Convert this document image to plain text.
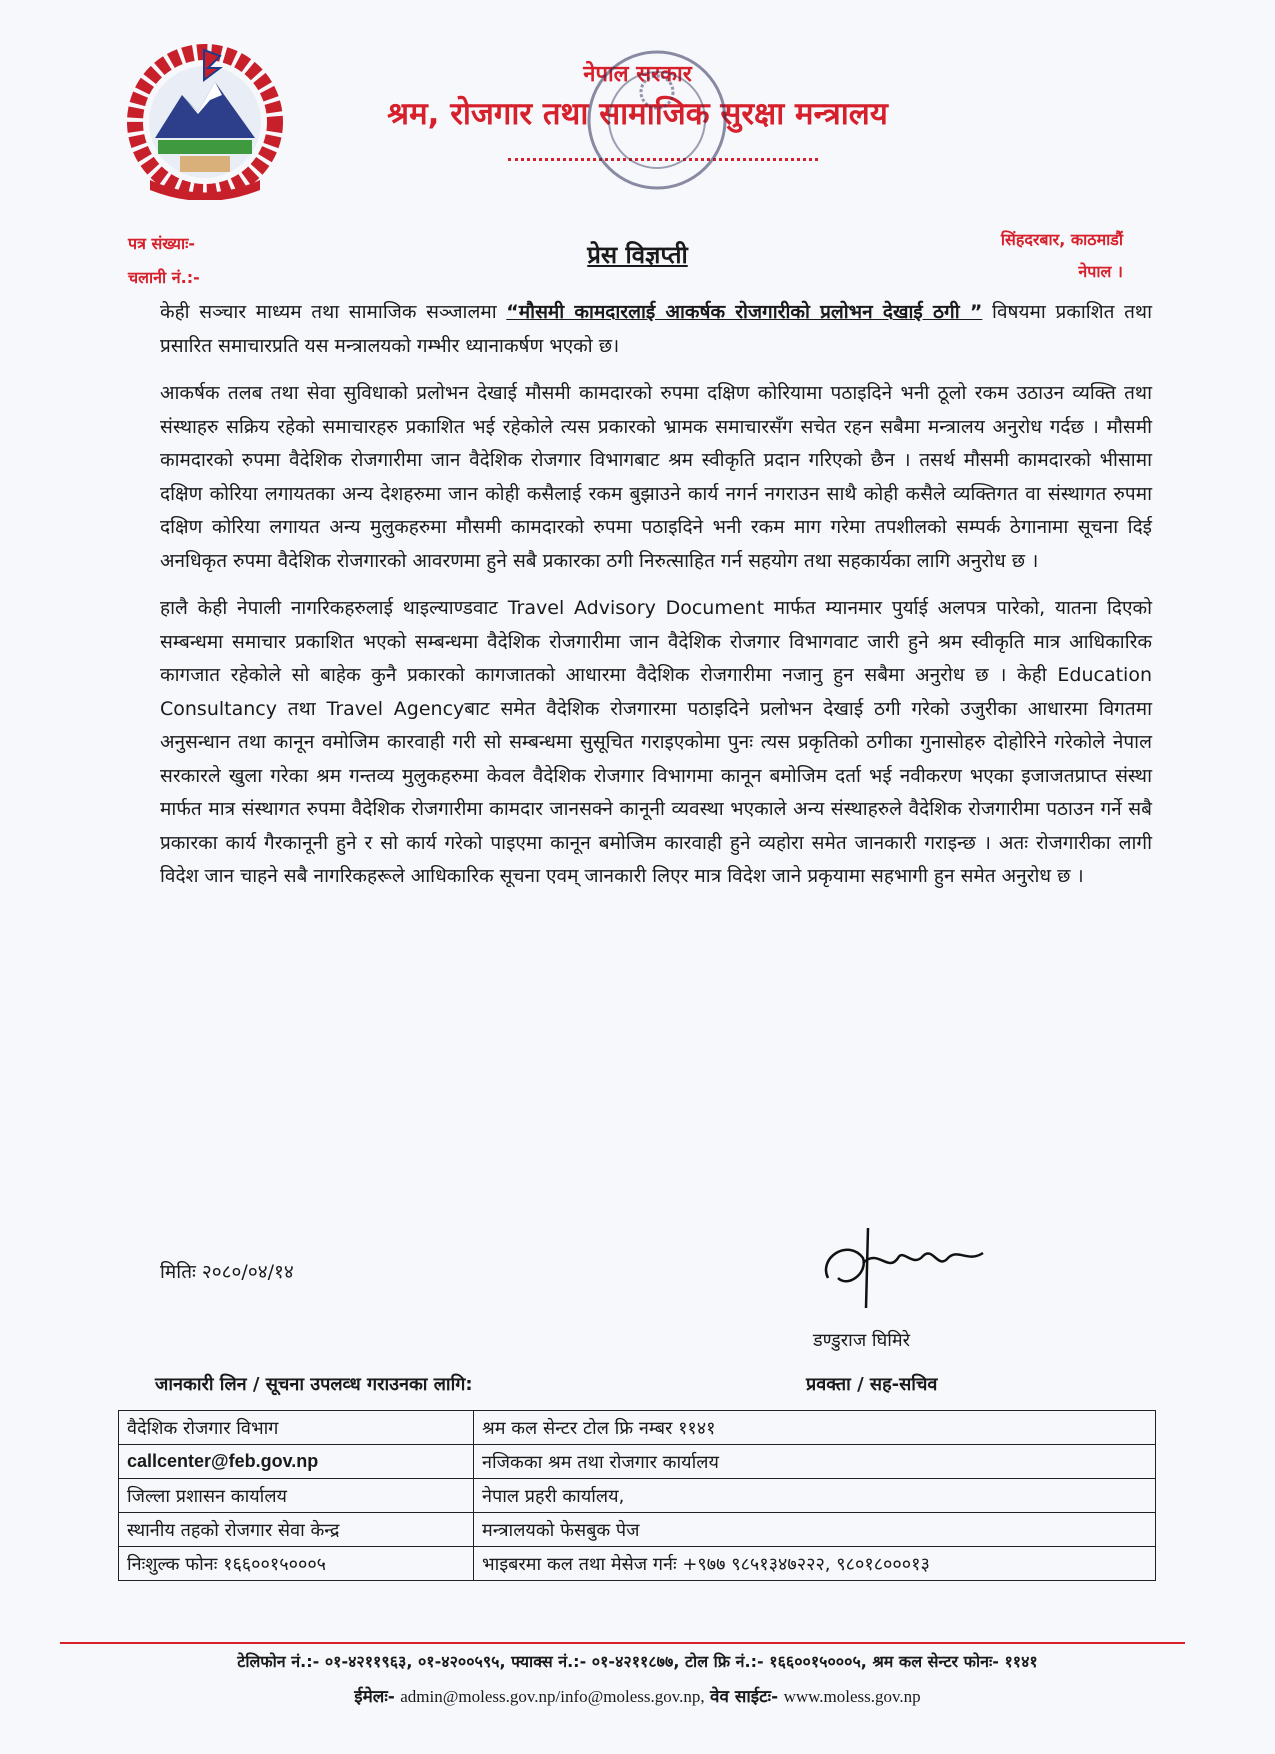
नेपाल सरकार
श्रम, रोजगार तथा सामाजिक सुरक्षा मन्त्रालय
पत्र संख्याः-
चलानी नं.:-
सिंहदरबार, काठमाडौं
नेपाल ।
प्रेस विज्ञप्ती

केही सञ्चार माध्यम तथा सामाजिक सञ्जालमा “मौसमी कामदारलाई आकर्षक रोजगारीको प्रलोभन देखाई ठगी ” विषयमा प्रकाशित तथा प्रसारित समाचारप्रति यस मन्त्रालयको गम्भीर ध्यानाकर्षण भएको छ।

आकर्षक तलब तथा सेवा सुविधाको प्रलोभन देखाई मौसमी कामदारको रुपमा दक्षिण कोरियामा पठाइदिने भनी ठूलो रकम उठाउन व्यक्ति तथा संस्थाहरु सक्रिय रहेको समाचारहरु प्रकाशित भई रहेकोले त्यस प्रकारको भ्रामक समाचारसँग सचेत रहन सबैमा मन्त्रालय अनुरोध गर्दछ । मौसमी कामदारको रुपमा वैदेशिक रोजगारीमा जान वैदेशिक रोजगार विभागबाट श्रम स्वीकृति प्रदान गरिएको छैन । तसर्थ मौसमी कामदारको भीसामा दक्षिण कोरिया लगायतका अन्य देशहरुमा जान कोही कसैलाई रकम बुझाउने कार्य नगर्न नगराउन साथै कोही कसैले व्यक्तिगत वा संस्थागत रुपमा दक्षिण कोरिया लगायत अन्य मुलुकहरुमा मौसमी कामदारको रुपमा पठाइदिने भनी रकम माग गरेमा तपशीलको सम्पर्क ठेगानामा सूचना दिई अनधिकृत रुपमा वैदेशिक रोजगारको आवरणमा हुने सबै प्रकारका ठगी निरुत्साहित गर्न सहयोग तथा सहकार्यका लागि अनुरोध छ ।

हालै केही नेपाली नागरिकहरुलाई थाइल्याण्डवाट Travel Advisory Document मार्फत म्यानमार पुर्याई अलपत्र पारेको, यातना दिएको सम्बन्धमा समाचार प्रकाशित भएको सम्बन्धमा वैदेशिक रोजगारीमा जान वैदेशिक रोजगार विभागवाट जारी हुने श्रम स्वीकृति मात्र आधिकारिक कागजात रहेकोले सो बाहेक कुनै प्रकारको कागजातको आधारमा वैदेशिक रोजगारीमा नजानु हुन सबैमा अनुरोध छ । केही Education Consultancy तथा Travel Agencyबाट समेत वैदेशिक रोजगारमा पठाइदिने प्रलोभन देखाई ठगी गरेको उजुरीका आधारमा विगतमा अनुसन्धान तथा कानून वमोजिम कारवाही गरी सो सम्बन्धमा सुसूचित गराइएकोमा पुनः त्यस प्रकृतिको ठगीका गुनासोहरु दोहोरिने गरेकोले नेपाल सरकारले खुला गरेका श्रम गन्तव्य मुलुकहरुमा केवल वैदेशिक रोजगार विभागमा कानून बमोजिम दर्ता भई नवीकरण भएका इजाजतप्राप्त संस्था मार्फत मात्र संस्थागत रुपमा वैदेशिक रोजगारीमा कामदार जानसक्ने कानूनी व्यवस्था भएकाले अन्य संस्थाहरुले वैदेशिक रोजगारीमा पठाउन गर्ने सबै प्रकारका कार्य गैरकानूनी हुने र सो कार्य गरेको पाइएमा कानून बमोजिम कारवाही हुने व्यहोरा समेत जानकारी गराइन्छ । अतः रोजगारीका लागी विदेश जान चाहने सबै नागरिकहरूले आधिकारिक सूचना एवम् जानकारी लिएर मात्र विदेश जाने प्रकृयामा सहभागी हुन समेत अनुरोध छ ।

मितिः २०८०/०४/१४
डण्डुराज घिमिरे
प्रवक्ता / सह-सचिव
जानकारी लिन / सूचना उपलव्ध गराउनका लागि:
वैदेशिक रोजगार विभाग	श्रम कल सेन्टर टोल फ्रि नम्बर ११४१
callcenter@feb.gov.np	नजिकका श्रम तथा रोजगार कार्यालय
जिल्ला प्रशासन कार्यालय	नेपाल प्रहरी कार्यालय,
स्थानीय तहको रोजगार सेवा केन्द्र	मन्त्रालयको फेसबुक पेज
निःशुल्क फोनः १६६००१५०००५	भाइबरमा कल तथा मेसेज गर्नः +९७७ ९८५१३४७२२२, ९८०१८०००१३
टेलिफोन नं.:- ०१-४२११९६३, ०१-४२००५९५, फ्याक्स नं.:- ०१-४२११८७७, टोल फ्रि नं.:- १६६००१५०००५, श्रम कल सेन्टर फोनः- ११४१
ईमेलः- admin@moless.gov.np/info@moless.gov.np, वेव साईटः- www.moless.gov.np
